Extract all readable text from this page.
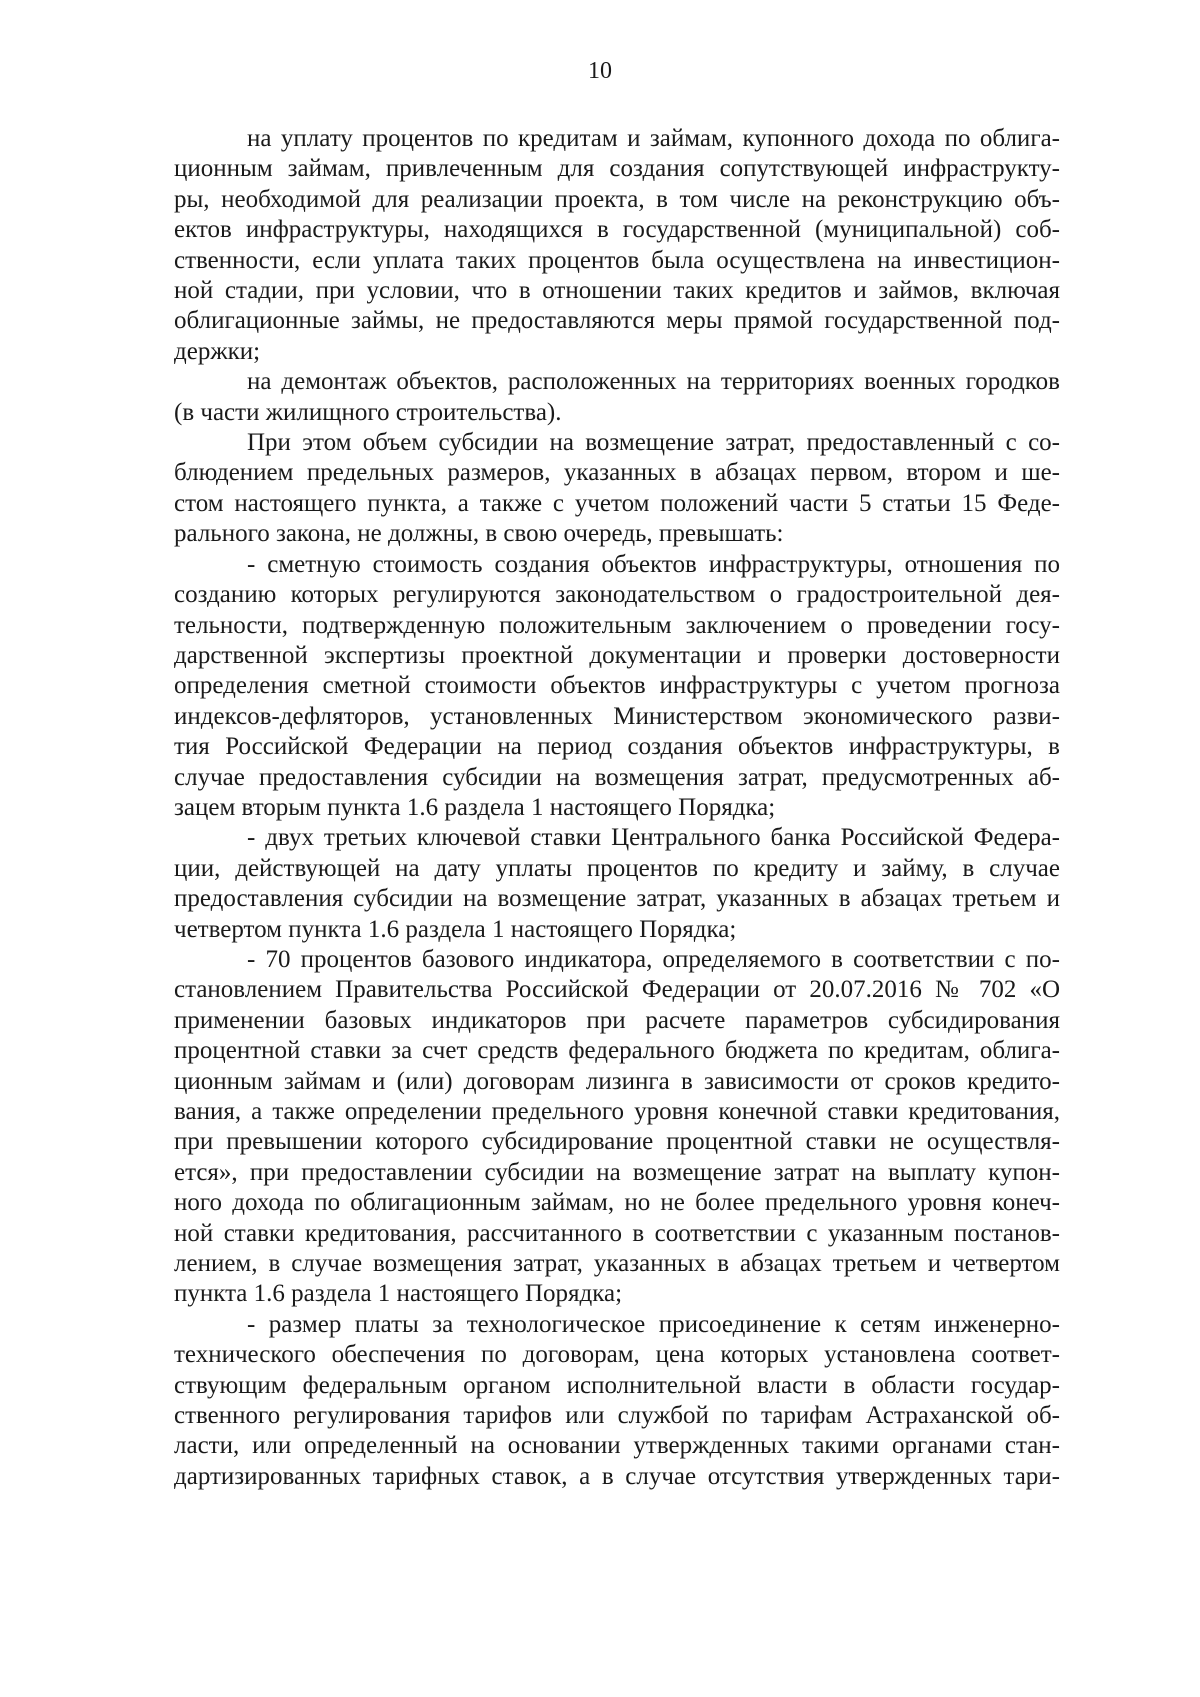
10
на уплату процентов по кредитам и займам, купонного дохода по облига-
ционным займам, привлеченным для создания сопутствующей инфраструкту-
ры, необходимой для реализации проекта, в том числе на реконструкцию объ-
ектов инфраструктуры, находящихся в государственной (муниципальной) соб-
ственности, если уплата таких процентов была осуществлена на инвестицион-
ной стадии, при условии, что в отношении таких кредитов и займов, включая
облигационные займы, не предоставляются меры прямой государственной под-
держки;
на демонтаж объектов, расположенных на территориях военных городков
(в части жилищного строительства).
При этом объем субсидии на возмещение затрат, предоставленный с со-
блюдением предельных размеров, указанных в абзацах первом, втором и ше-
стом настоящего пункта, а также с учетом положений части 5 статьи 15 Феде-
рального закона, не должны, в свою очередь, превышать:
- сметную стоимость создания объектов инфраструктуры, отношения по
созданию которых регулируются законодательством о градостроительной дея-
тельности, подтвержденную положительным заключением о проведении госу-
дарственной экспертизы проектной документации и проверки достоверности
определения сметной стоимости объектов инфраструктуры с учетом прогноза
индексов-дефляторов, установленных Министерством экономического разви-
тия Российской Федерации на период создания объектов инфраструктуры, в
случае предоставления субсидии на возмещения затрат, предусмотренных аб-
зацем вторым пункта 1.6 раздела 1 настоящего Порядка;
- двух третьих ключевой ставки Центрального банка Российской Федера-
ции, действующей на дату уплаты процентов по кредиту и займу, в случае
предоставления субсидии на возмещение затрат, указанных в абзацах третьем и
четвертом пункта 1.6 раздела 1 настоящего Порядка;
- 70 процентов базового индикатора, определяемого в соответствии с по-
становлением Правительства Российской Федерации от 20.07.2016 № 702 «О
применении базовых индикаторов при расчете параметров субсидирования
процентной ставки за счет средств федерального бюджета по кредитам, облига-
ционным займам и (или) договорам лизинга в зависимости от сроков кредито-
вания, а также определении предельного уровня конечной ставки кредитования,
при превышении которого субсидирование процентной ставки не осуществля-
ется», при предоставлении субсидии на возмещение затрат на выплату купон-
ного дохода по облигационным займам, но не более предельного уровня конеч-
ной ставки кредитования, рассчитанного в соответствии с указанным постанов-
лением, в случае возмещения затрат, указанных в абзацах третьем и четвертом
пункта 1.6 раздела 1 настоящего Порядка;
- размер платы за технологическое присоединение к сетям инженерно-
технического обеспечения по договорам, цена которых установлена соответ-
ствующим федеральным органом исполнительной власти в области государ-
ственного регулирования тарифов или службой по тарифам Астраханской об-
ласти, или определенный на основании утвержденных такими органами стан-
дартизированных тарифных ставок, а в случае отсутствия утвержденных тари-
